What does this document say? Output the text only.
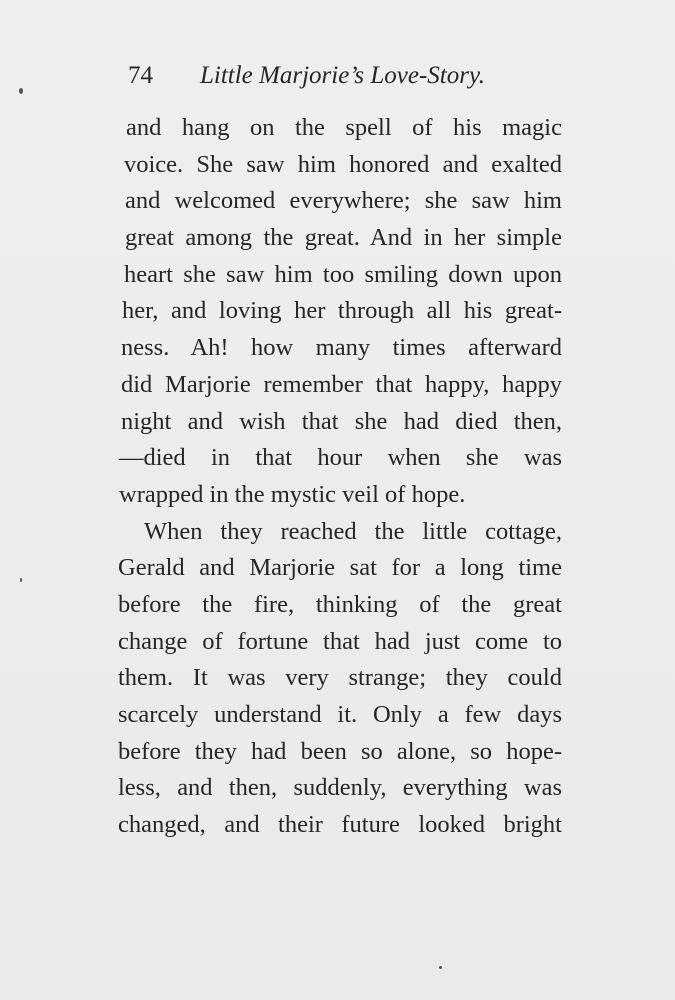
74 Little Marjorie’s Love-Story.
and hang on the spell of his magic
voice. She saw him honored and exalted
and welcomed everywhere; she saw him
great among the great. And in her simple
heart she saw him too smiling down upon
her, and loving her through all his great-
ness. Ah! how many times afterward
did Marjorie remember that happy, happy
night and wish that she had died then,
—died in that hour when she was
wrapped in the mystic veil of hope.
When they reached the little cottage,
Gerald and Marjorie sat for a long time
before the fire, thinking of the great
change of fortune that had just come to
them. It was very strange; they could
scarcely understand it. Only a few days
before they had been so alone, so hope-
less, and then, suddenly, everything was
changed, and their future looked bright
